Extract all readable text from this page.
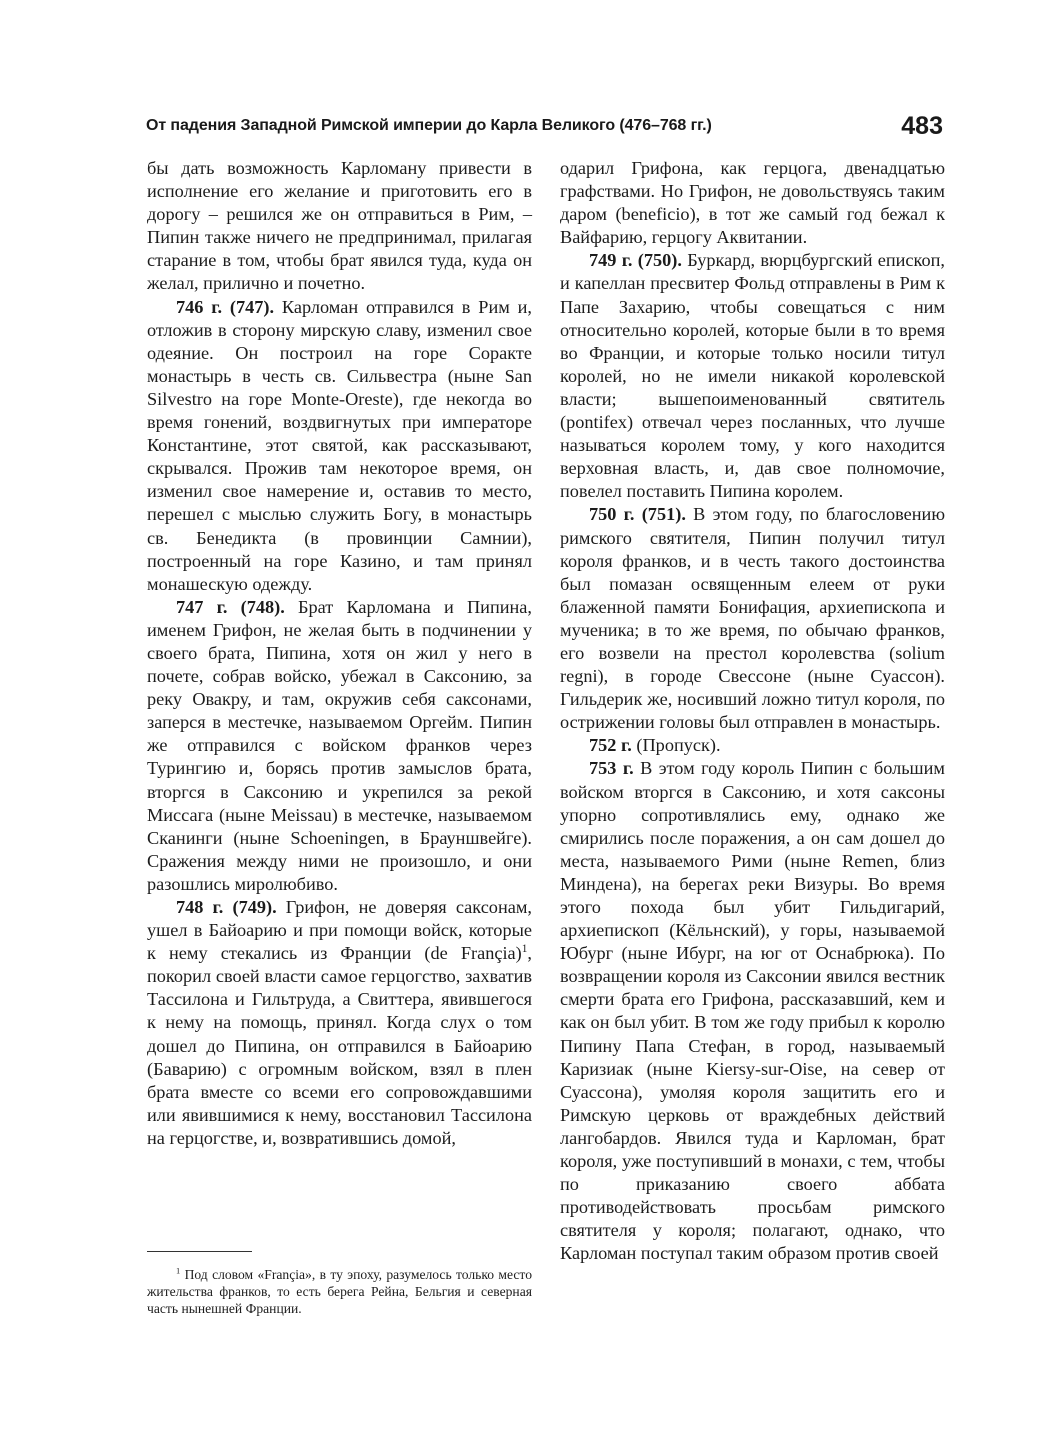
От падения Западной Римской империи до Карла Великого (476–768 гг.)	483

бы дать возможность Карломану привести в исполнение его желание и приготовить его в дорогу – решился же он отправиться в Рим, – Пипин также ничего не предпринимал, прилагая старание в том, чтобы брат явился туда, куда он желал, прилично и почетно.

746 г. (747). Карломан отправился в Рим и, отложив в сторону мирскую славу, изменил свое одеяние. Он построил на горе Соракте монастырь в честь св. Сильвестра (ныне San Silvestro на горе Monte-Oreste), где некогда во время гонений, воздвигнутых при императоре Константине, этот святой, как рассказывают, скрывался. Прожив там некоторое время, он изменил свое намерение и, оставив то место, перешел с мыслью служить Богу, в монастырь св. Бенедикта (в провинции Самнии), построенный на горе Казино, и там принял монашескую одежду.

747 г. (748). Брат Карломана и Пипина, именем Грифон, не желая быть в подчинении у своего брата, Пипина, хотя он жил у него в почете, собрав войско, убежал в Саксонию, за реку Овакру, и там, окружив себя саксонами, заперся в местечке, называемом Оргейм. Пипин же отправился с войском франков через Турингию и, борясь против замыслов брата, вторгся в Саксонию и укрепился за рекой Миссага (ныне Meissau) в местечке, называемом Сканинги (ныне Schoeningen, в Брауншвейге). Сражения между ними не произошло, и они разошлись миролюбиво.

748 г. (749). Грифон, не доверяя саксонам, ушел в Байоарию и при помощи войск, которые к нему стекались из Франции (de Françia)$^1$, покорил своей власти самое герцогство, захватив Тассилона и Гильтруда, а Свиттера, явившегося к нему на помощь, принял. Когда слух о том дошел до Пипина, он отправился в Байоарию (Баварию) с огромным войском, взял в плен брата вместе со всеми его сопровождавшими или явившимися к нему, восстановил Тассилона на герцогстве, и, возвратившись домой,

$^1$ Под словом «Françia», в ту эпоху, разумелось только место жительства франков, то есть берега Рейна, Бельгия и северная часть нынешней Франции.

одарил Грифона, как герцога, двенадцатью графствами. Но Грифон, не довольствуясь таким даром (beneficio), в тот же самый год бежал к Вайфарию, герцогу Аквитании.

749 г. (750). Буркард, вюрцбургский епископ, и капеллан пресвитер Фольд отправлены в Рим к Папе Захарию, чтобы совещаться с ним относительно королей, которые были в то время во Франции, и которые только носили титул королей, но не имели никакой королевской власти; вышепоименованный святитель (pontifex) отвечал через посланных, что лучше называться королем тому, у кого находится верховная власть, и, дав свое полномочие, повелел поставить Пипина королем.

750 г. (751). В этом году, по благословению римского святителя, Пипин получил титул короля франков, и в честь такого достоинства был помазан освященным елеем от руки блаженной памяти Бонифация, архиепископа и мученика; в то же время, по обычаю франков, его возвели на престол королевства (solium regni), в городе Свессоне (ныне Суассон). Гильдерик же, носивший ложно титул короля, по острижении головы был отправлен в монастырь.

752 г. (Пропуск).

753 г. В этом году король Пипин с большим войском вторгся в Саксонию, и хотя саксоны упорно сопротивлялись ему, однако же смирились после поражения, а он сам дошел до места, называемого Рими (ныне Remen, близ Миндена), на берегах реки Визуры. Во время этого похода был убит Гильдигарий, архиепископ (Кёльнский), у горы, называемой Юбург (ныне Ибург, на юг от Оснабрюка). По возвращении короля из Саксонии явился вестник смерти брата его Грифона, рассказавший, кем и как он был убит. В том же году прибыл к королю Пипину Папа Стефан, в город, называемый Каризиак (ныне Kiersy-sur-Oise, на север от Суассона), умоляя короля защитить его и Римскую церковь от враждебных действий лангобардов. Явился туда и Карломан, брат короля, уже поступивший в монахи, с тем, чтобы по приказанию своего аббата противодействовать просьбам римского святителя у короля; полагают, однако, что Карломан поступал таким образом против своей
